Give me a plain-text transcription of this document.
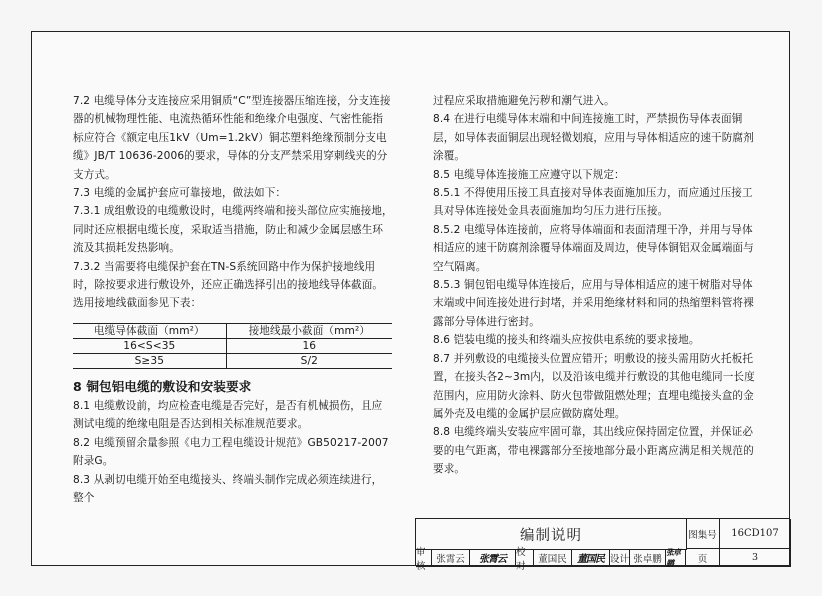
7.2 电缆导体分支连接应采用铜质“C”型连接器压缩连接，分支连接器的机械物理性能、电流热循环性能和绝缘介电强度、气密性能指标应符合《额定电压1kV（Um=1.2kV）铜芯塑料绝缘预制分支电缆》JB/T 10636-2006的要求，导体的分支严禁采用穿刺线夹的分支方式。

7.3 电缆的金属护套应可靠接地，做法如下：

7.3.1 成组敷设的电缆敷设时，电缆两终端和接头部位应实施接地，同时还应根据电缆长度，采取适当措施，防止和减少金属层感生环流及其损耗发热影响。

7.3.2 当需要将电缆保护套在TN-S系统回路中作为保护接地线用时，除按要求进行敷设外，还应正确选择引出的接地线导体截面。选用接地线截面参见下表：

电缆导体截面（mm²）	接地线最小截面（mm²）
16<S<35	16
S≥35	S/2

8 铜包铝电缆的敷设和安装要求

8.1 电缆敷设前，均应检查电缆是否完好，是否有机械损伤，且应测试电缆的绝缘电阻是否达到相关标准规范要求。

8.2 电缆预留余量参照《电力工程电缆设计规范》GB50217-2007附录G。

8.3 从剥切电缆开始至电缆接头、终端头制作完成必须连续进行，整个

过程应采取措施避免污秽和潮气进入。

8.4 在进行电缆导体末端和中间连接施工时，严禁损伤导体表面铜层，如导体表面铜层出现轻微划痕，应用与导体相适应的速干防腐剂涂覆。

8.5 电缆导体连接施工应遵守以下规定：

8.5.1 不得使用压接工具直接对导体表面施加压力，而应通过压接工具对导体连接处金具表面施加均匀压力进行压接。

8.5.2 电缆导体连接前，应将导体端面和表面清理干净，并用与导体相适应的速干防腐剂涂覆导体端面及周边，使导体铜铝双金属端面与空气隔离。

8.5.3 铜包铝电缆导体连接后，应用与导体相适应的速干树脂对导体末端或中间连接处进行封堵，并采用绝缘材料和同的热缩塑料管将裸露部分导体进行密封。

8.6 铠装电缆的接头和终端头应按供电系统的要求接地。

8.7 并列敷设的电缆接头位置应错开；明敷设的接头需用防火托板托置，在接头各2~3m内，以及沿该电缆并行敷设的其他电缆同一长度范围内，应用防火涂料、防火包带做阻燃处理；直埋电缆接头盒的金属外壳及电缆的金属护层应做防腐处理。

8.8 电缆终端头安装应牢固可靠，其出线应保持固定位置，并保证必要的电气距离，带电裸露部分至接地部分最小距离应满足相关规范的要求。

编制说明	图集号	16CD107
审核
张霄云	张霄云
校对
董国民	董国民 设计 张卓鹏
张卓鹏	页	3
